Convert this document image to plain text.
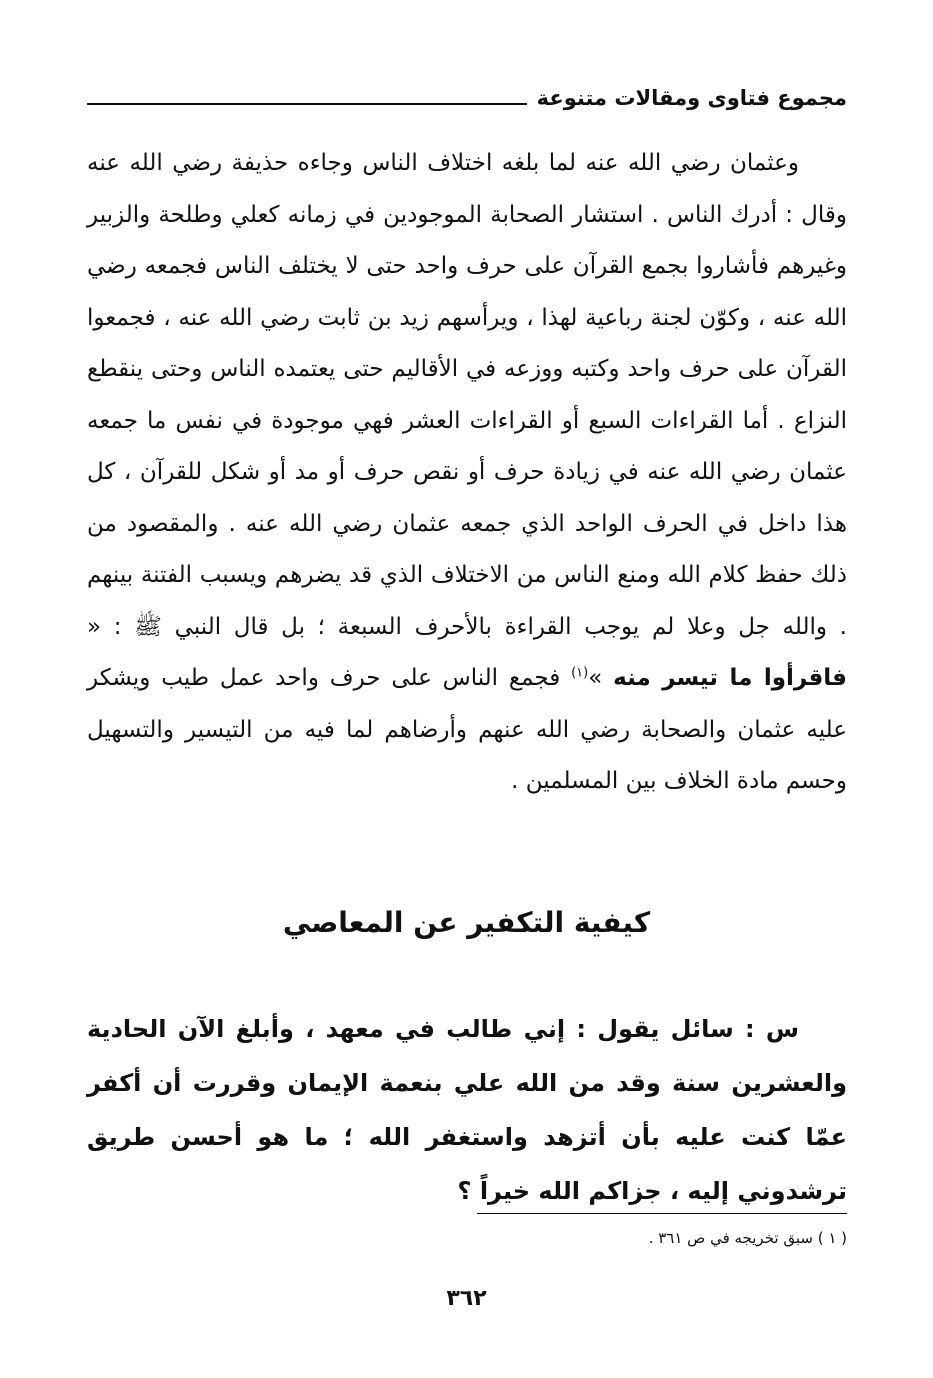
مجموع فتاوى ومقالات متنوعة

وعثمان رضي الله عنه لما بلغه اختلاف الناس وجاءه حذيفة رضي الله عنه وقال : أدرك الناس . استشار الصحابة الموجودين في زمانه كعلي وطلحة والزبير وغيرهم فأشاروا بجمع القرآن على حرف واحد حتى لا يختلف الناس فجمعه رضي الله عنه ، وكوّن لجنة رباعية لهذا ، ويرأسهم زيد بن ثابت رضي الله عنه ، فجمعوا القرآن على حرف واحد وكتبه ووزعه في الأقاليم حتى يعتمده الناس وحتى ينقطع النزاع . أما القراءات السبع أو القراءات العشر فهي موجودة في نفس ما جمعه عثمان رضي الله عنه في زيادة حرف أو نقص حرف أو مد أو شكل للقرآن ، كل هذا داخل في الحرف الواحد الذي جمعه عثمان رضي الله عنه . والمقصود من ذلك حفظ كلام الله ومنع الناس من الاختلاف الذي قد يضرهم ويسبب الفتنة بينهم . والله جل وعلا لم يوجب القراءة بالأحرف السبعة ؛ بل قال النبي ﷺ : « فاقرأوا ما تيسر منه »$^{(١)}$ فجمع الناس على حرف واحد عمل طيب ويشكر عليه عثمان والصحابة رضي الله عنهم وأرضاهم لما فيه من التيسير والتسهيل وحسم مادة الخلاف بين المسلمين .

كيفية التكفير عن المعاصي

س : سائل يقول : إني طالب في معهد ، وأبلغ الآن الحادية والعشرين سنة وقد من الله علي بنعمة الإيمان وقررت أن أكفر عمّا كنت عليه بأن أتزهد واستغفر الله ؛ ما هو أحسن طريق ترشدوني إليه ، جزاكم الله خيراً ؟

( ١ ) سبق تخريجه في ص ٣٦١ .

٣٦٢
